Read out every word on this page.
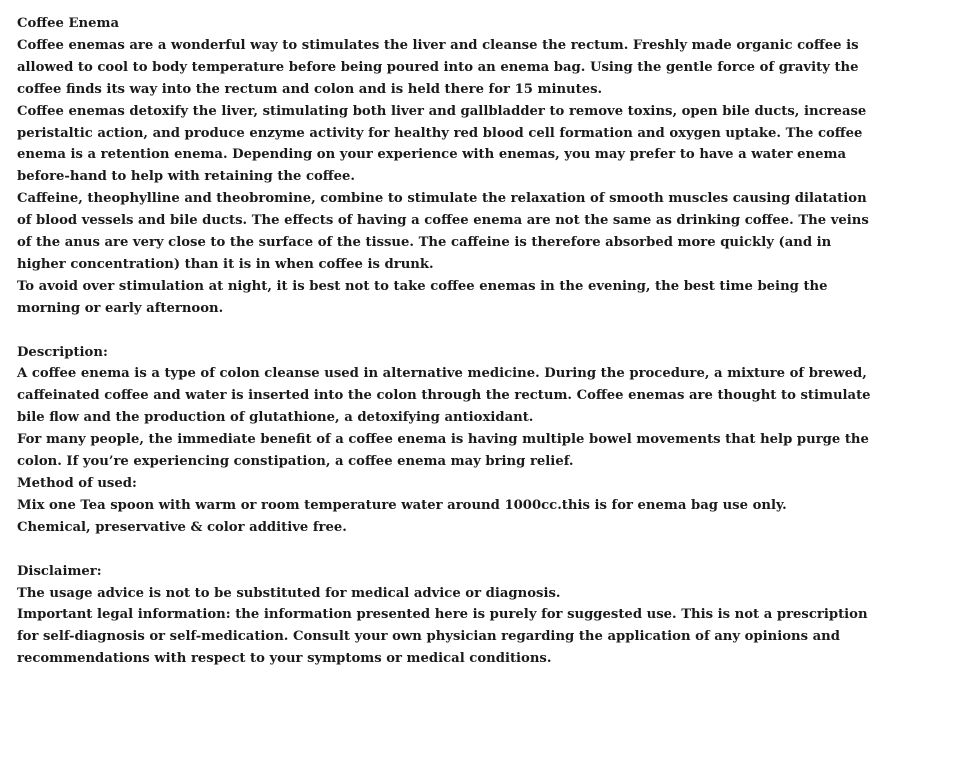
Coffee Enema

Coffee enemas are a wonderful way to stimulates the liver and cleanse the rectum. Freshly made organic coffee is allowed to cool to body temperature before being poured into an enema bag. Using the gentle force of gravity the coffee finds its way into the rectum and colon and is held there for 15 minutes.

Coffee enemas detoxify the liver, stimulating both liver and gallbladder to remove toxins, open bile ducts, increase peristaltic action, and produce enzyme activity for healthy red blood cell formation and oxygen uptake. The coffee enema is a retention enema. Depending on your experience with enemas, you may prefer to have a water enema before-hand to help with retaining the coffee.

Caffeine, theophylline and theobromine, combine to stimulate the relaxation of smooth muscles causing dilatation of blood vessels and bile ducts. The effects of having a coffee enema are not the same as drinking coffee. The veins of the anus are very close to the surface of the tissue. The caffeine is therefore absorbed more quickly (and in higher concentration) than it is in when coffee is drunk.

To avoid over stimulation at night, it is best not to take coffee enemas in the evening, the best time being the morning or early afternoon.

Description:

A coffee enema is a type of colon cleanse used in alternative medicine. During the procedure, a mixture of brewed, caffeinated coffee and water is inserted into the colon through the rectum. Coffee enemas are thought to stimulate bile flow and the production of glutathione, a detoxifying antioxidant.

For many people, the immediate benefit of a coffee enema is having multiple bowel movements that help purge the colon. If you’re experiencing constipation, a coffee enema may bring relief.

Method of used:

Mix one Tea spoon with warm or room temperature water around 1000cc.this is for enema bag use only.

Chemical, preservative & color additive free.

Disclaimer:

The usage advice is not to be substituted for medical advice or diagnosis.

Important legal information: the information presented here is purely for suggested use. This is not a prescription for self-diagnosis or self-medication. Consult your own physician regarding the application of any opinions and recommendations with respect to your symptoms or medical conditions.
